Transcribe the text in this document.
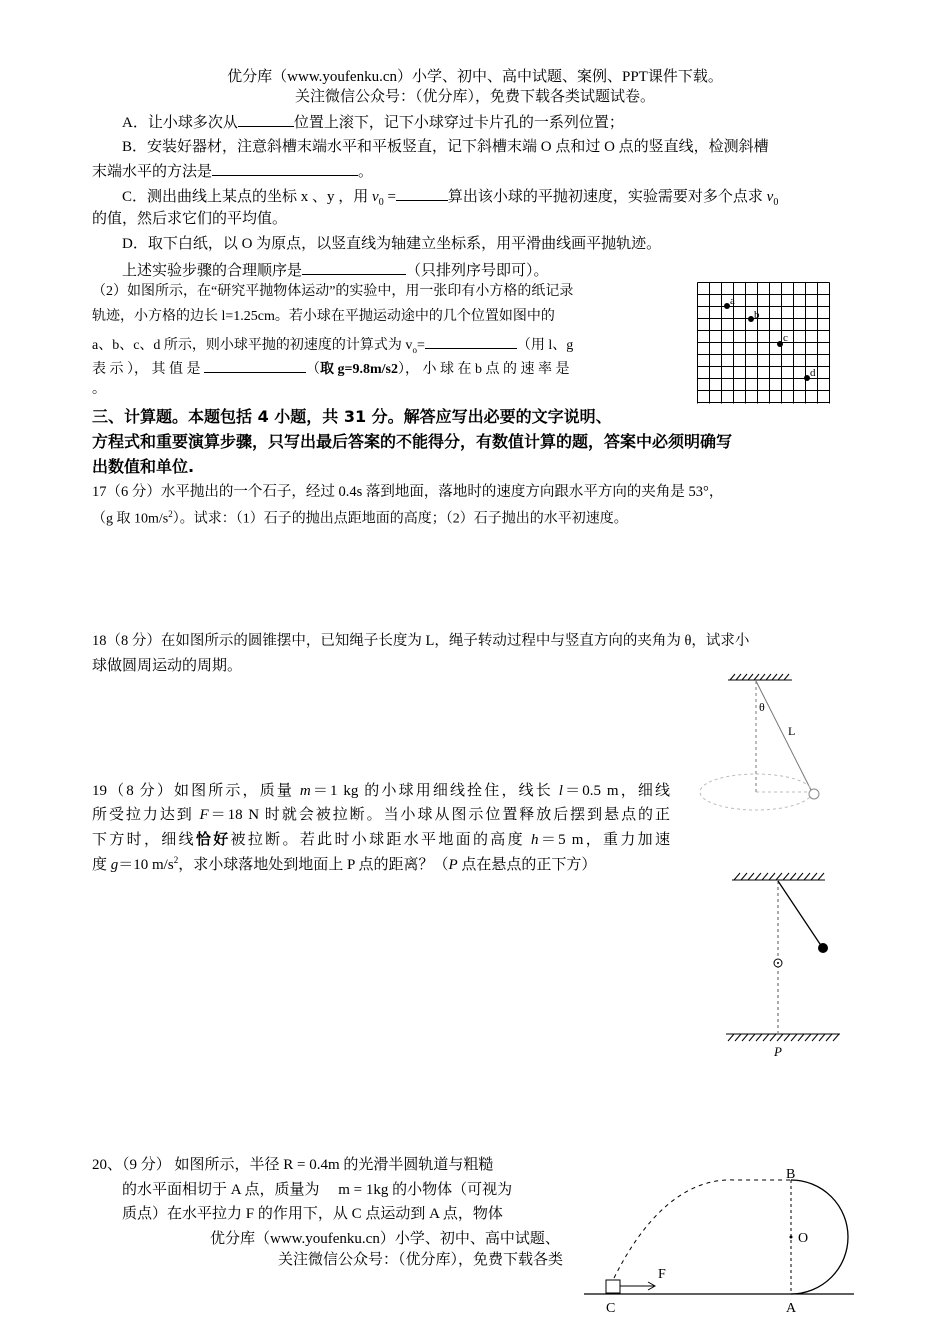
优分库（www.youfenku.cn）小学、初中、高中试题、案例、PPT课件下载。
关注微信公众号：（优分库），免费下载各类试题试卷。
A．让小球多次从	位置上滚下，记下小球穿过卡片孔的一系列位置；
B．安装好器材，注意斜槽末端水平和平板竖直，记下斜槽末端 O 点和过 O 点的竖直线，检测斜槽
末端水平的方法是	。
C．测出曲线上某点的坐标 x 、y ，用 $v_0$ =	算出该小球的平抛初速度，实验需要对多个点求 $v_0$
的值，然后求它们的平均值。
D．取下白纸，以 O 为原点，以竖直线为轴建立坐标系，用平滑曲线画平抛轨迹。
上述实验步骤的合理顺序是	（只排列序号即可）。
（2）如图所示，在“研究平抛物体运动”的实验中，用一张印有小方格的纸记录
轨迹，小方格的边长 l=1.25cm。若小球在平抛运动途中的几个位置如图中的
a、b、c、d 所示，则小球平抛的初速度的计算式为 $v_o=$	（用 l、g
表 示 ）， 其 值 是	（取 g=9.8m/s2）， 小 球 在 b 点 的 速 率 是
。
a
b
c
d
三、计算题。本题包括 4 小题，共 31 分。解答应写出必要的文字说明、
方程式和重要演算步骤，只写出最后答案的不能得分，有数值计算的题，答案中必须明确写
出数值和单位.
17（6 分）水平抛出的一个石子，经过 0.4s 落到地面，落地时的速度方向跟水平方向的夹角是 53°，
（g 取 $10m/s^2$）。试求：（1）石子的抛出点距地面的高度；（2）石子抛出的水平初速度。
18（8 分）在如图所示的圆锥摆中，已知绳子长度为 L，绳子转动过程中与竖直方向的夹角为 θ，试求小
球做圆周运动的周期。
θ
L
19（8 分）如图所示，质量 m＝1 kg 的小球用细线拴住，线长 l＝0.5 m，细线
所受拉力达到 F＝18 N 时就会被拉断。当小球从图示位置释放后摆到悬点的正
下方时，细线恰好被拉断。若此时小球距水平地面的高度 h＝5 m，重力加速
度 g＝10 $m/s^2$，求小球落地处到地面上 P 点的距离？（P 点在悬点的正下方）
P
20、（9 分） 如图所示，半径 R = 0.4m 的光滑半圆轨道与粗糙
的水平面相切于 A 点，质量为 　m = 1kg 的小物体（可视为
质点）在水平拉力 F 的作用下，从 C 点运动到 A 点，物体
B
O
F
C	A
优分库（www.youfenku.cn）小学、初中、高中试题、
关注微信公众号：（优分库），免费下载各类
